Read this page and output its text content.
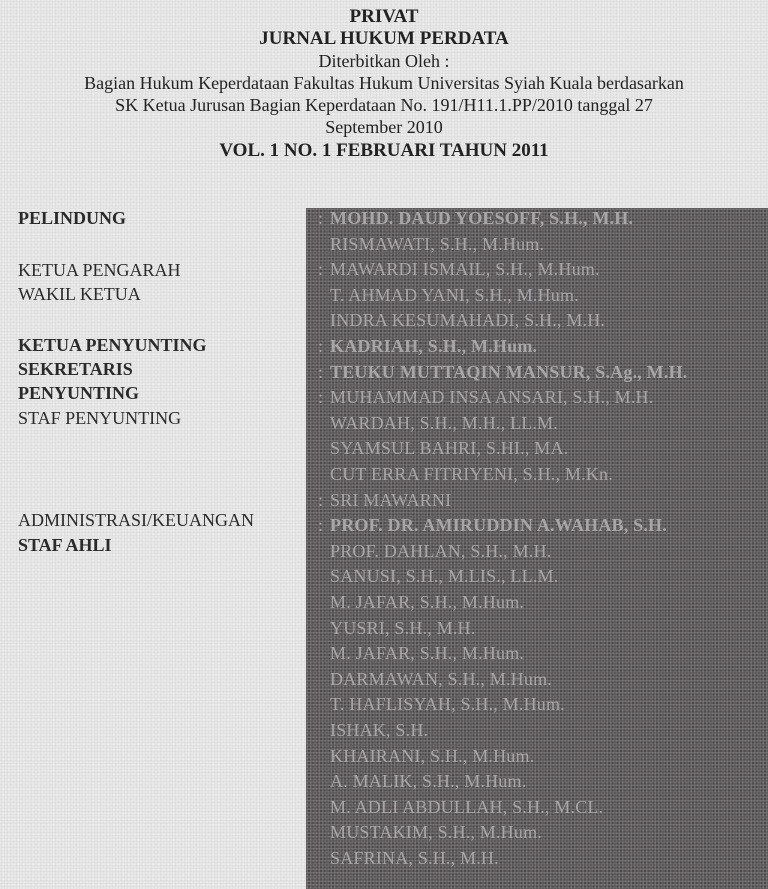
PRIVAT
JURNAL HUKUM PERDATA
Diterbitkan Oleh :
Bagian Hukum Keperdataan Fakultas Hukum Universitas Syiah Kuala berdasarkan
SK Ketua Jurusan Bagian Keperdataan No. 191/H11.1.PP/2010 tanggal 27
September 2010
VOL. 1 NO. 1 FEBRUARI TAHUN 2011
PELINDUNG
KETUA PENGARAH
WAKIL KETUA
KETUA PENYUNTING
SEKRETARIS
PENYUNTING
STAF PENYUNTING
ADMINISTRASI/KEUANGAN
STAF AHLI
: MOHD. DAUD YOESOFF, S.H., M.H.
RISMAWATI, S.H., M.Hum.
: MAWARDI ISMAIL, S.H., M.Hum.
T. AHMAD YANI, S.H., M.Hum.
INDRA KESUMAHADI, S.H., M.H.
: KADRIAH, S.H., M.Hum.
: TEUKU MUTTAQIN MANSUR, S.Ag., M.H.
: MUHAMMAD INSA ANSARI, S.H., M.H.
WARDAH, S.H., M.H., LL.M.
SYAMSUL BAHRI, S.HI., MA.
CUT ERRA FITRIYENI, S.H., M.Kn.
: SRI MAWARNI
: PROF. DR. AMIRUDDIN A.WAHAB, S.H.
PROF. DAHLAN, S.H., M.H.
SANUSI, S.H., M.LIS., LL.M.
M. JAFAR, S.H., M.Hum.
YUSRI, S.H., M.H.
M. JAFAR, S.H., M.Hum.
DARMAWAN, S.H., M.Hum.
T. HAFLISYAH, S.H., M.Hum.
ISHAK, S.H.
KHAIRANI, S.H., M.Hum.
A. MALIK, S.H., M.Hum.
M. ADLI ABDULLAH, S.H., M.CL.
MUSTAKIM, S.H., M.Hum.
SAFRINA, S.H., M.H.
